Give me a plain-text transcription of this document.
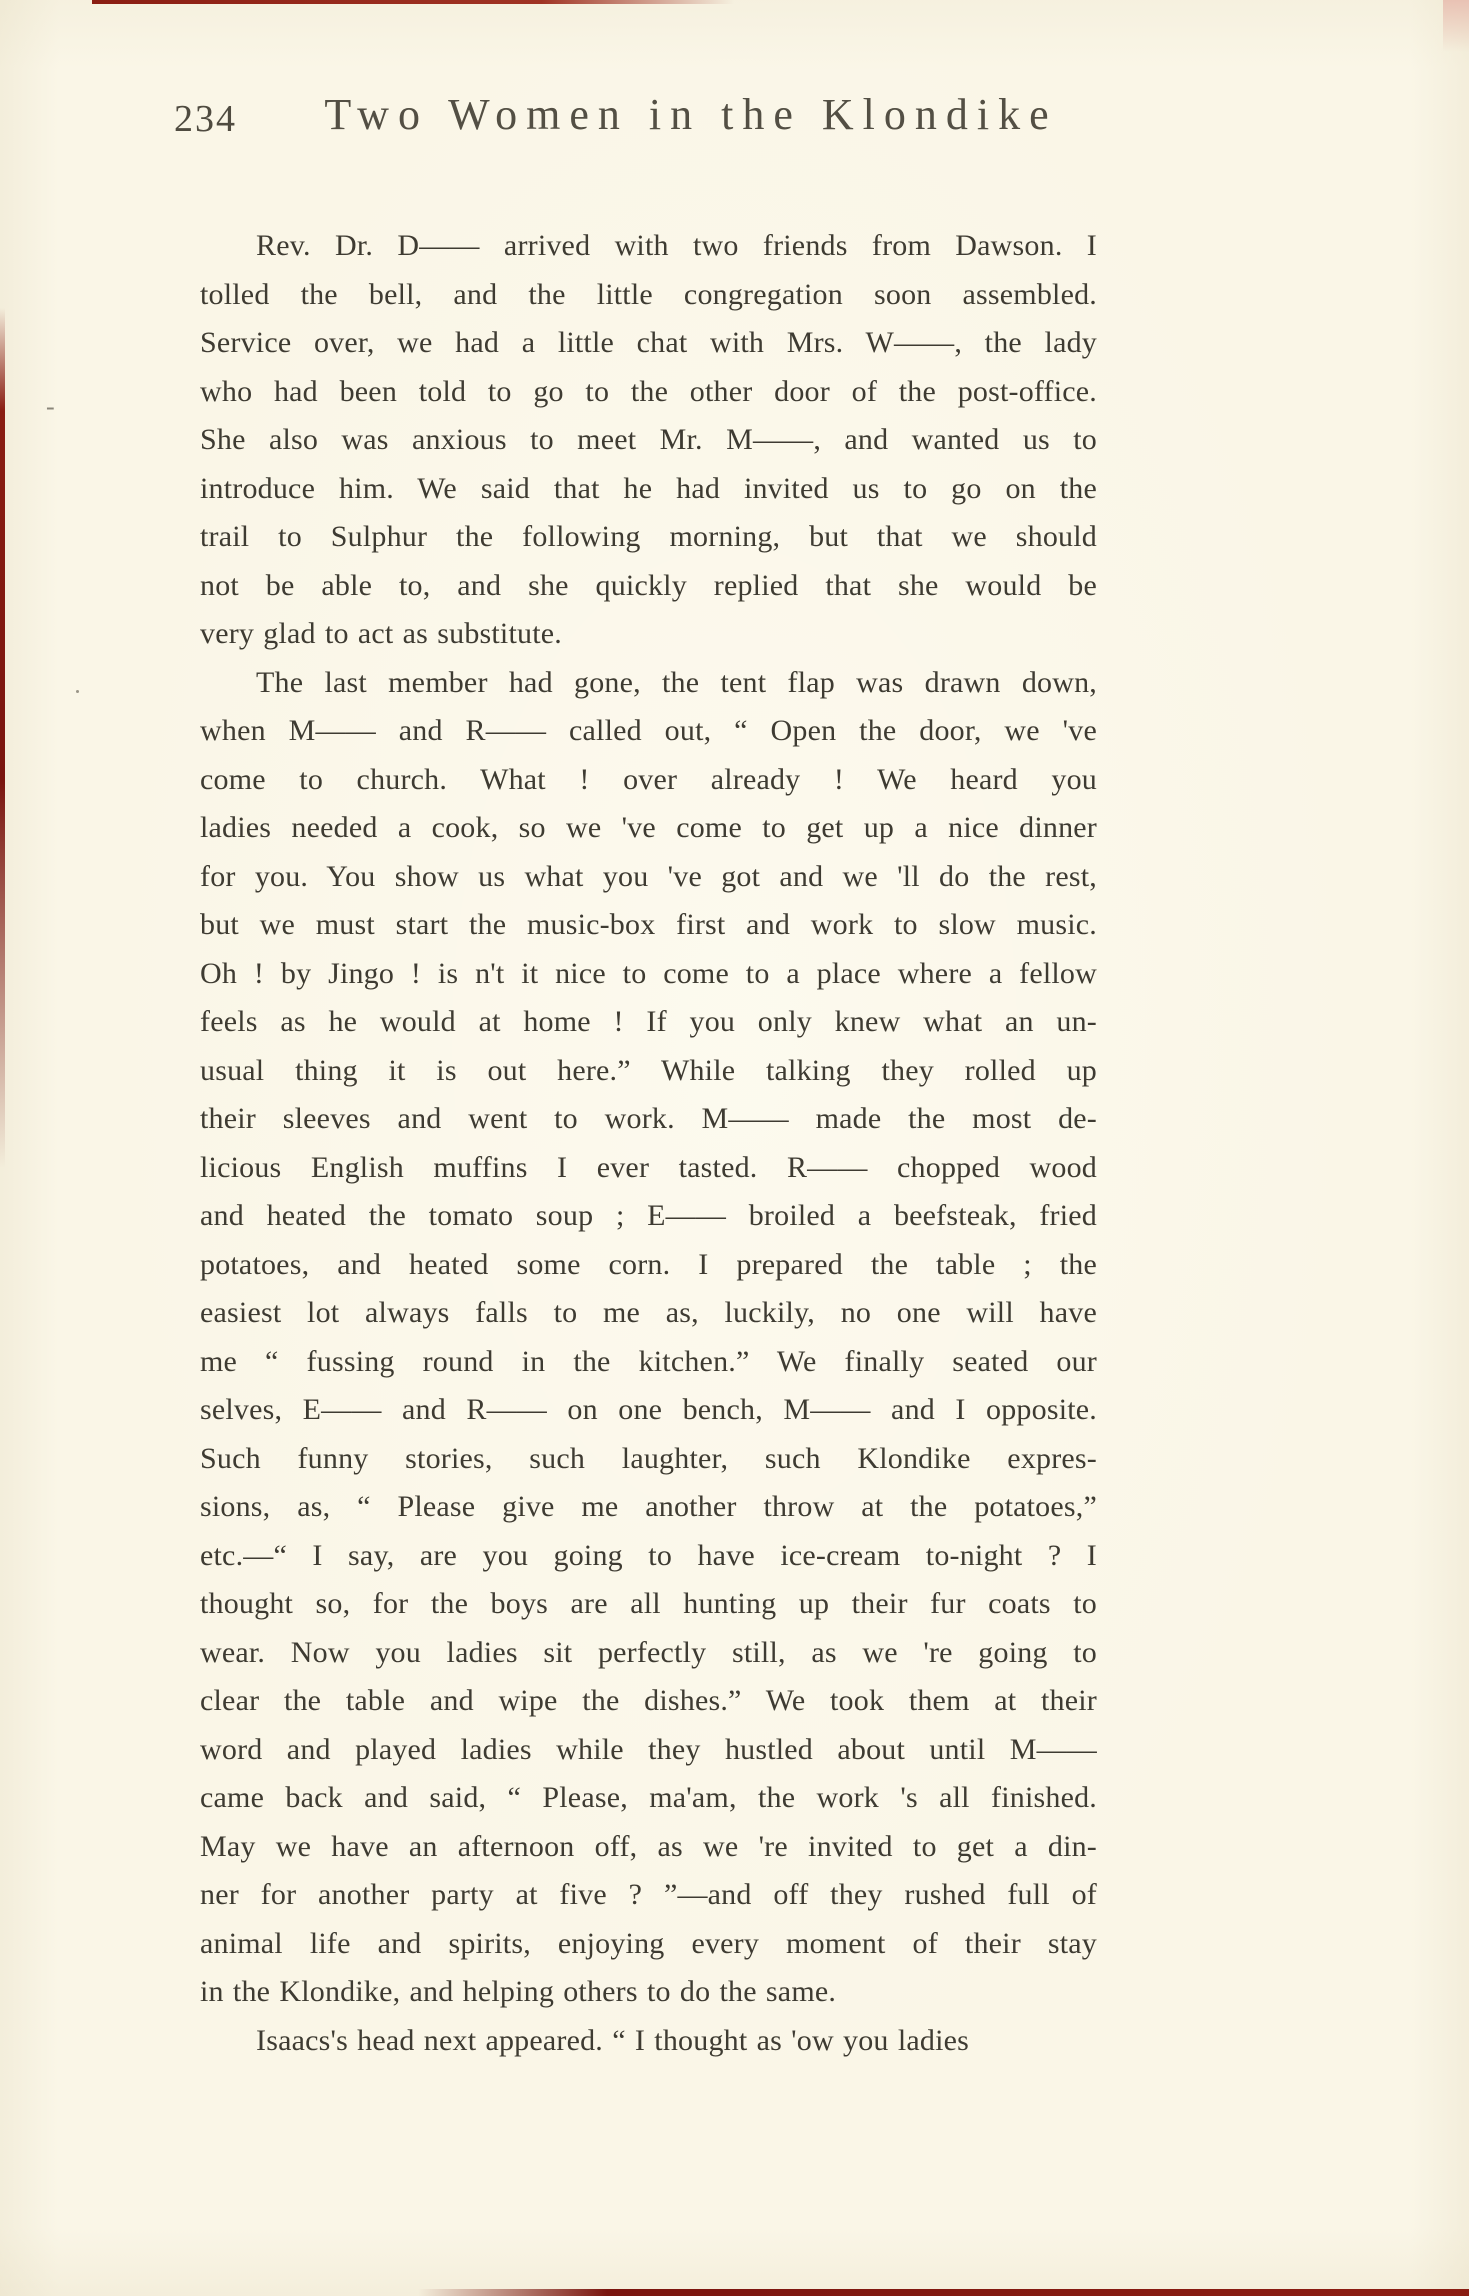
-
234	Two Women in the Klondike
Rev. Dr. D—— arrived with two friends from Dawson. I
tolled the bell, and the little congregation soon assembled.
Service over, we had a little chat with Mrs. W——, the lady
who had been told to go to the other door of the post-office.
She also was anxious to meet Mr. M——, and wanted us to
introduce him. We said that he had invited us to go on the
trail to Sulphur the following morning, but that we should
not be able to, and she quickly replied that she would be
very glad to act as substitute.
The last member had gone, the tent flap was drawn down,
when M—— and R—— called out, “ Open the door, we 've
come to church. What ! over already ! We heard you
ladies needed a cook, so we 've come to get up a nice dinner
for you. You show us what you 've got and we 'll do the rest,
but we must start the music-box first and work to slow music.
Oh ! by Jingo ! is n't it nice to come to a place where a fellow
feels as he would at home ! If you only knew what an un-
usual thing it is out here.” While talking they rolled up
their sleeves and went to work. M—— made the most de-
licious English muffins I ever tasted. R—— chopped wood
and heated the tomato soup ; E—— broiled a beefsteak, fried
potatoes, and heated some corn. I prepared the table ; the
easiest lot always falls to me as, luckily, no one will have
me “ fussing round in the kitchen.” We finally seated our
selves, E—— and R—— on one bench, M—— and I opposite.
Such funny stories, such laughter, such Klondike expres-
sions, as, “ Please give me another throw at the potatoes,”
etc.—“ I say, are you going to have ice-cream to-night ? I
thought so, for the boys are all hunting up their fur coats to
wear. Now you ladies sit perfectly still, as we 're going to
clear the table and wipe the dishes.” We took them at their
word and played ladies while they hustled about until M——
came back and said, “ Please, ma'am, the work 's all finished.
May we have an afternoon off, as we 're invited to get a din-
ner for another party at five ? ”—and off they rushed full of
animal life and spirits, enjoying every moment of their stay
in the Klondike, and helping others to do the same.
Isaacs's head next appeared. “ I thought as 'ow you ladies
